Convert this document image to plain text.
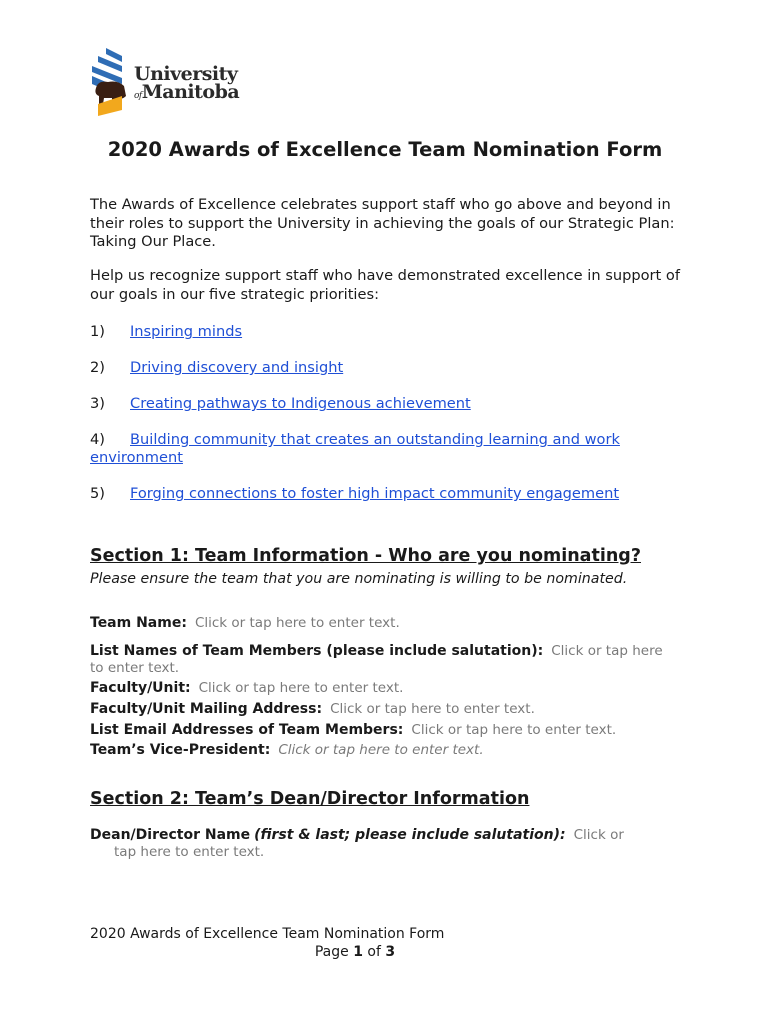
University
ofManitoba
2020 Awards of Excellence Team Nomination Form

The Awards of Excellence celebrates support staff who go above and beyond in their roles to support the University in achieving the goals of our Strategic Plan: Taking Our Place.

Help us recognize support staff who have demonstrated excellence in support of our goals in our five strategic priorities:

1) Inspiring minds
2) Driving discovery and insight
3) Creating pathways to Indigenous achievement
4) Building community that creates an outstanding learning and work environment
5) Forging connections to foster high impact community engagement
Section 1: Team Information - Who are you nominating?

Please ensure the team that you are nominating is willing to be nominated.

Team Name: Click or tap here to enter text.
List Names of Team Members (please include salutation): Click or tap here to enter text.
Faculty/Unit: Click or tap here to enter text.
Faculty/Unit Mailing Address: Click or tap here to enter text.
List Email Addresses of Team Members: Click or tap here to enter text.
Team’s Vice-President: Click or tap here to enter text.
Section 2: Team’s Dean/Director Information
Dean/Director Name (first & last; please include salutation): Click or
tap here to enter text.
2020 Awards of Excellence Team Nomination Form
Page 1 of 3
